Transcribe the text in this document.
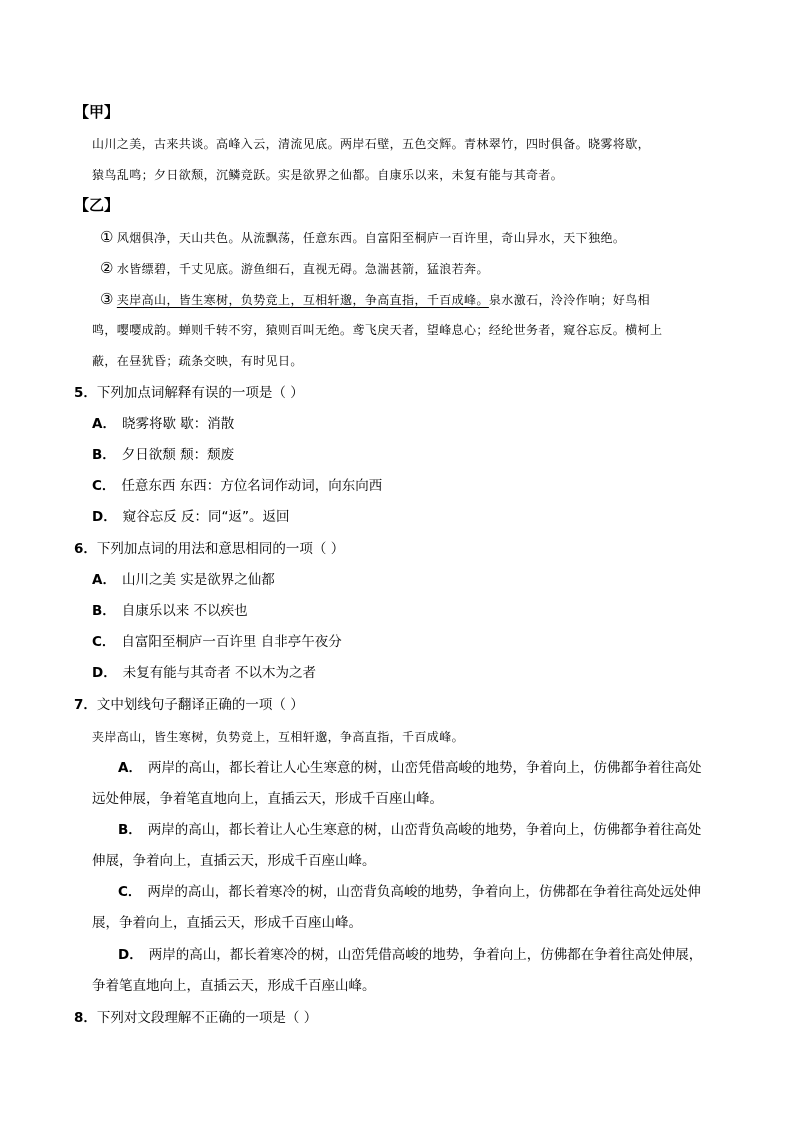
【甲】
山川之美，古来共谈。高峰入云，清流见底。两岸石壁，五色交辉。青林翠竹，四时俱备。晓雾将歇，
猿鸟乱鸣；夕日欲颓，沉鳞竞跃。实是欲界之仙都。自康乐以来，未复有能与其奇者。
【乙】
① 风烟俱净，天山共色。从流飘荡，任意东西。自富阳至桐庐一百许里，奇山异水，天下独绝。
② 水皆缥碧，千丈见底。游鱼细石，直视无碍。急湍甚箭，猛浪若奔。
③ 夹岸高山，皆生寒树，负势竞上，互相轩邈，争高直指，千百成峰。泉水激石，泠泠作响；好鸟相
鸣，嘤嘤成韵。蝉则千转不穷，猿则百叫无绝。鸢飞戾天者，望峰息心；经纶世务者，窥谷忘反。横柯上
蔽，在昼犹昏；疏条交映，有时见日。
5．下列加点词解释有误的一项是（ ）
A． 晓雾将歇 歇：消散
B． 夕日欲颓 颓：颓废
C． 任意东西 东西：方位名词作动词，向东向西
D． 窥谷忘反 反：同“返”。返回
6．下列加点词的用法和意思相同的一项（ ）
A． 山川之美 实是欲界之仙都
B． 自康乐以来 不以疾也
C． 自富阳至桐庐一百许里 自非亭午夜分
D． 未复有能与其奇者 不以木为之者
7．文中划线句子翻译正确的一项（ ）
夹岸高山，皆生寒树，负势竞上，互相轩邈，争高直指，千百成峰。
A． 两岸的高山，都长着让人心生寒意的树，山峦凭借高峻的地势，争着向上，仿佛都争着往高处
远处伸展，争着笔直地向上，直插云天，形成千百座山峰。
B． 两岸的高山，都长着让人心生寒意的树，山峦背负高峻的地势，争着向上，仿佛都争着往高处
伸展，争着向上，直插云天，形成千百座山峰。
C． 两岸的高山，都长着寒冷的树，山峦背负高峻的地势，争着向上，仿佛都在争着往高处远处伸
展，争着向上，直插云天，形成千百座山峰。
D． 两岸的高山，都长着寒冷的树，山峦凭借高峻的地势，争着向上，仿佛都在争着往高处伸展，
争着笔直地向上，直插云天，形成千百座山峰。
8．下列对文段理解不正确的一项是（ ）
